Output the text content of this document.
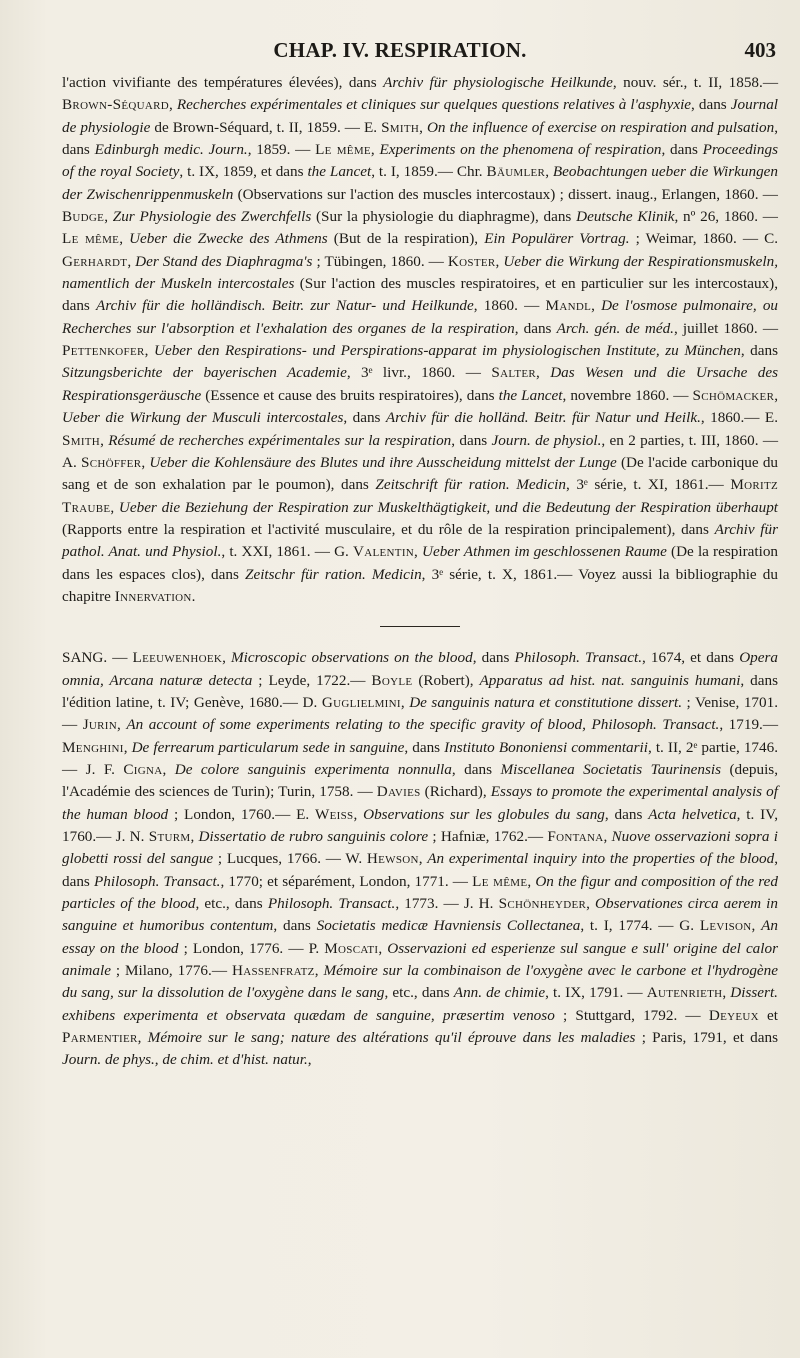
CHAP. IV. RESPIRATION.	403

l'action vivifiante des températures élevées), dans Archiv für physiologische Heilkunde, nouv. sér., t. II, 1858.— Brown-Séquard, Recherches expérimentales et cliniques sur quelques questions relatives à l'asphyxie, dans Journal de physiologie de Brown-Séquard, t. II, 1859. — E. Smith, On the influence of exercise on respiration and pulsation, dans Edinburgh medic. Journ., 1859. — Le même, Experiments on the phenomena of respiration, dans Proceedings of the royal Society, t. IX, 1859, et dans the Lancet, t. I, 1859.— Chr. Bäumler, Beobachtungen ueber die Wirkungen der Zwischenrippenmuskeln (Observations sur l'action des muscles intercostaux) ; dissert. inaug., Erlangen, 1860. — Budge, Zur Physiologie des Zwerchfells (Sur la physiologie du diaphragme), dans Deutsche Klinik, nº 26, 1860. — Le même, Ueber die Zwecke des Athmens (But de la respiration), Ein Populärer Vortrag. ; Weimar, 1860. — C. Gerhardt, Der Stand des Diaphragma's ; Tübingen, 1860. — Koster, Ueber die Wirkung der Respirationsmuskeln, namentlich der Muskeln intercostales (Sur l'action des muscles respiratoires, et en particulier sur les intercostaux), dans Archiv für die holländisch. Beitr. zur Natur- und Heilkunde, 1860. — Mandl, De l'osmose pulmonaire, ou Recherches sur l'absorption et l'exhalation des organes de la respiration, dans Arch. gén. de méd., juillet 1860. — Pettenkofer, Ueber den Respirations- und Perspirations-apparat im physiologischen Institute, zu München, dans Sitzungsberichte der bayerischen Academie, 3ᵉ livr., 1860. — Salter, Das Wesen und die Ursache des Respirationsgeräusche (Essence et cause des bruits respiratoires), dans the Lancet, novembre 1860. — Schömacker, Ueber die Wirkung der Musculi intercostales, dans Archiv für die holländ. Beitr. für Natur und Heilk., 1860.— E. Smith, Résumé de recherches expérimentales sur la respiration, dans Journ. de physiol., en 2 parties, t. III, 1860. — A. Schöffer, Ueber die Kohlensäure des Blutes und ihre Ausscheidung mittelst der Lunge (De l'acide carbonique du sang et de son exhalation par le poumon), dans Zeitschrift für ration. Medicin, 3ᵉ série, t. XI, 1861.— Moritz Traube, Ueber die Beziehung der Respiration zur Muskelthägtigkeit, und die Bedeutung der Respiration überhaupt (Rapports entre la respiration et l'activité musculaire, et du rôle de la respiration principalement), dans Archiv für pathol. Anat. und Physiol., t. XXI, 1861. — G. Valentin, Ueber Athmen im geschlossenen Raume (De la respiration dans les espaces clos), dans Zeitschr für ration. Medicin, 3ᵉ série, t. X, 1861.— Voyez aussi la bibliographie du chapitre Innervation.

SANG. — Leeuwenhoek, Microscopic observations on the blood, dans Philosoph. Transact., 1674, et dans Opera omnia, Arcana naturæ detecta ; Leyde, 1722.— Boyle (Robert), Apparatus ad hist. nat. sanguinis humani, dans l'édition latine, t. IV; Genève, 1680.— D. Guglielmini, De sanguinis natura et constitutione dissert. ; Venise, 1701. — Jurin, An account of some experiments relating to the specific gravity of blood, Philosoph. Transact., 1719.— Menghini, De ferrearum particularum sede in sanguine, dans Instituto Bononiensi commentarii, t. II, 2ᵉ partie, 1746. — J. F. Cigna, De colore sanguinis experimenta nonnulla, dans Miscellanea Societatis Taurinensis (depuis, l'Académie des sciences de Turin); Turin, 1758. — Davies (Richard), Essays to promote the experimental analysis of the human blood ; London, 1760.— E. Weiss, Observations sur les globules du sang, dans Acta helvetica, t. IV, 1760.— J. N. Sturm, Dissertatio de rubro sanguinis colore ; Hafniæ, 1762.— Fontana, Nuove osservazioni sopra i globetti rossi del sangue ; Lucques, 1766. — W. Hewson, An experimental inquiry into the properties of the blood, dans Philosoph. Transact., 1770; et séparément, London, 1771. — Le même, On the figur and composition of the red particles of the blood, etc., dans Philosoph. Transact., 1773. — J. H. Schönheyder, Observationes circa aerem in sanguine et humoribus contentum, dans Societatis medicæ Havniensis Collectanea, t. I, 1774. — G. Levison, An essay on the blood ; London, 1776. — P. Moscati, Osservazioni ed esperienze sul sangue e sull' origine del calor animale ; Milano, 1776.— Hassenfratz, Mémoire sur la combinaison de l'oxygène avec le carbone et l'hydrogène du sang, sur la dissolution de l'oxygène dans le sang, etc., dans Ann. de chimie, t. IX, 1791. — Autenrieth, Dissert. exhibens experimenta et observata quædam de sanguine, præsertim venoso ; Stuttgard, 1792. — Deyeux et Parmentier, Mémoire sur le sang; nature des altérations qu'il éprouve dans les maladies ; Paris, 1791, et dans Journ. de phys., de chim. et d'hist. natur.,
